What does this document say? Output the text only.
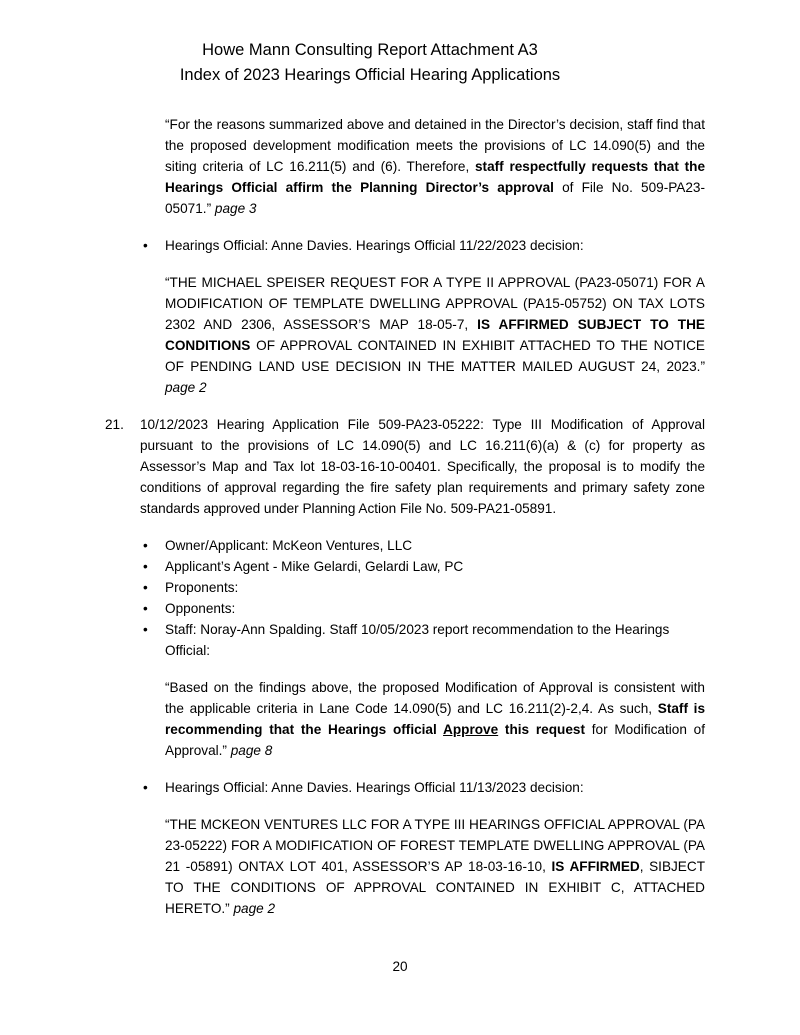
Howe Mann Consulting Report Attachment A3
Index of 2023 Hearings Official Hearing Applications

“For the reasons summarized above and detained in the Director’s decision, staff find that the proposed development modification meets the provisions of LC 14.090(5) and the siting criteria of LC 16.211(5) and (6). Therefore, staff respectfully requests that the Hearings Official affirm the Planning Director’s approval of File No. 509-PA23-05071.” page 3

•	Hearings Official: Anne Davies. Hearings Official 11/22/2023 decision:

“THE MICHAEL SPEISER REQUEST FOR A TYPE II APPROVAL (PA23-05071) FOR A MODIFICATION OF TEMPLATE DWELLING APPROVAL (PA15-05752) ON TAX LOTS 2302 AND 2306, ASSESSOR’S MAP 18-05-7, IS AFFIRMED SUBJECT TO THE CONDITIONS OF APPROVAL CONTAINED IN EXHIBIT ATTACHED TO THE NOTICE OF PENDING LAND USE DECISION IN THE MATTER MAILED AUGUST 24, 2023.” page 2

21.	10/12/2023 Hearing Application File 509-PA23-05222: Type III Modification of Approval pursuant to the provisions of LC 14.090(5) and LC 16.211(6)(a) & (c) for property as Assessor’s Map and Tax lot 18-03-16-10-00401. Specifically, the proposal is to modify the conditions of approval regarding the fire safety plan requirements and primary safety zone standards approved under Planning Action File No. 509-PA21-05891.
•	Owner/Applicant: McKeon Ventures, LLC
•	Applicant’s Agent - Mike Gelardi, Gelardi Law, PC
•	Proponents:
•	Opponents:
•	Staff: Noray-Ann Spalding. Staff 10/05/2023 report recommendation to the Hearings Official:

“Based on the findings above, the proposed Modification of Approval is consistent with the applicable criteria in Lane Code 14.090(5) and LC 16.211(2)-2,4. As such, Staff is recommending that the Hearings official Approve this request for Modification of Approval.” page 8

•	Hearings Official: Anne Davies. Hearings Official 11/13/2023 decision:

“THE MCKEON VENTURES LLC FOR A TYPE III HEARINGS OFFICIAL APPROVAL (PA 23-05222) FOR A MODIFICATION OF FOREST TEMPLATE DWELLING APPROVAL (PA 21 -05891) ONTAX LOT 401, ASSESSOR’S AP 18-03-16-10, IS AFFIRMED, SIBJECT TO THE CONDITIONS OF APPROVAL CONTAINED IN EXHIBIT C, ATTACHED HERETO.” page 2

20
